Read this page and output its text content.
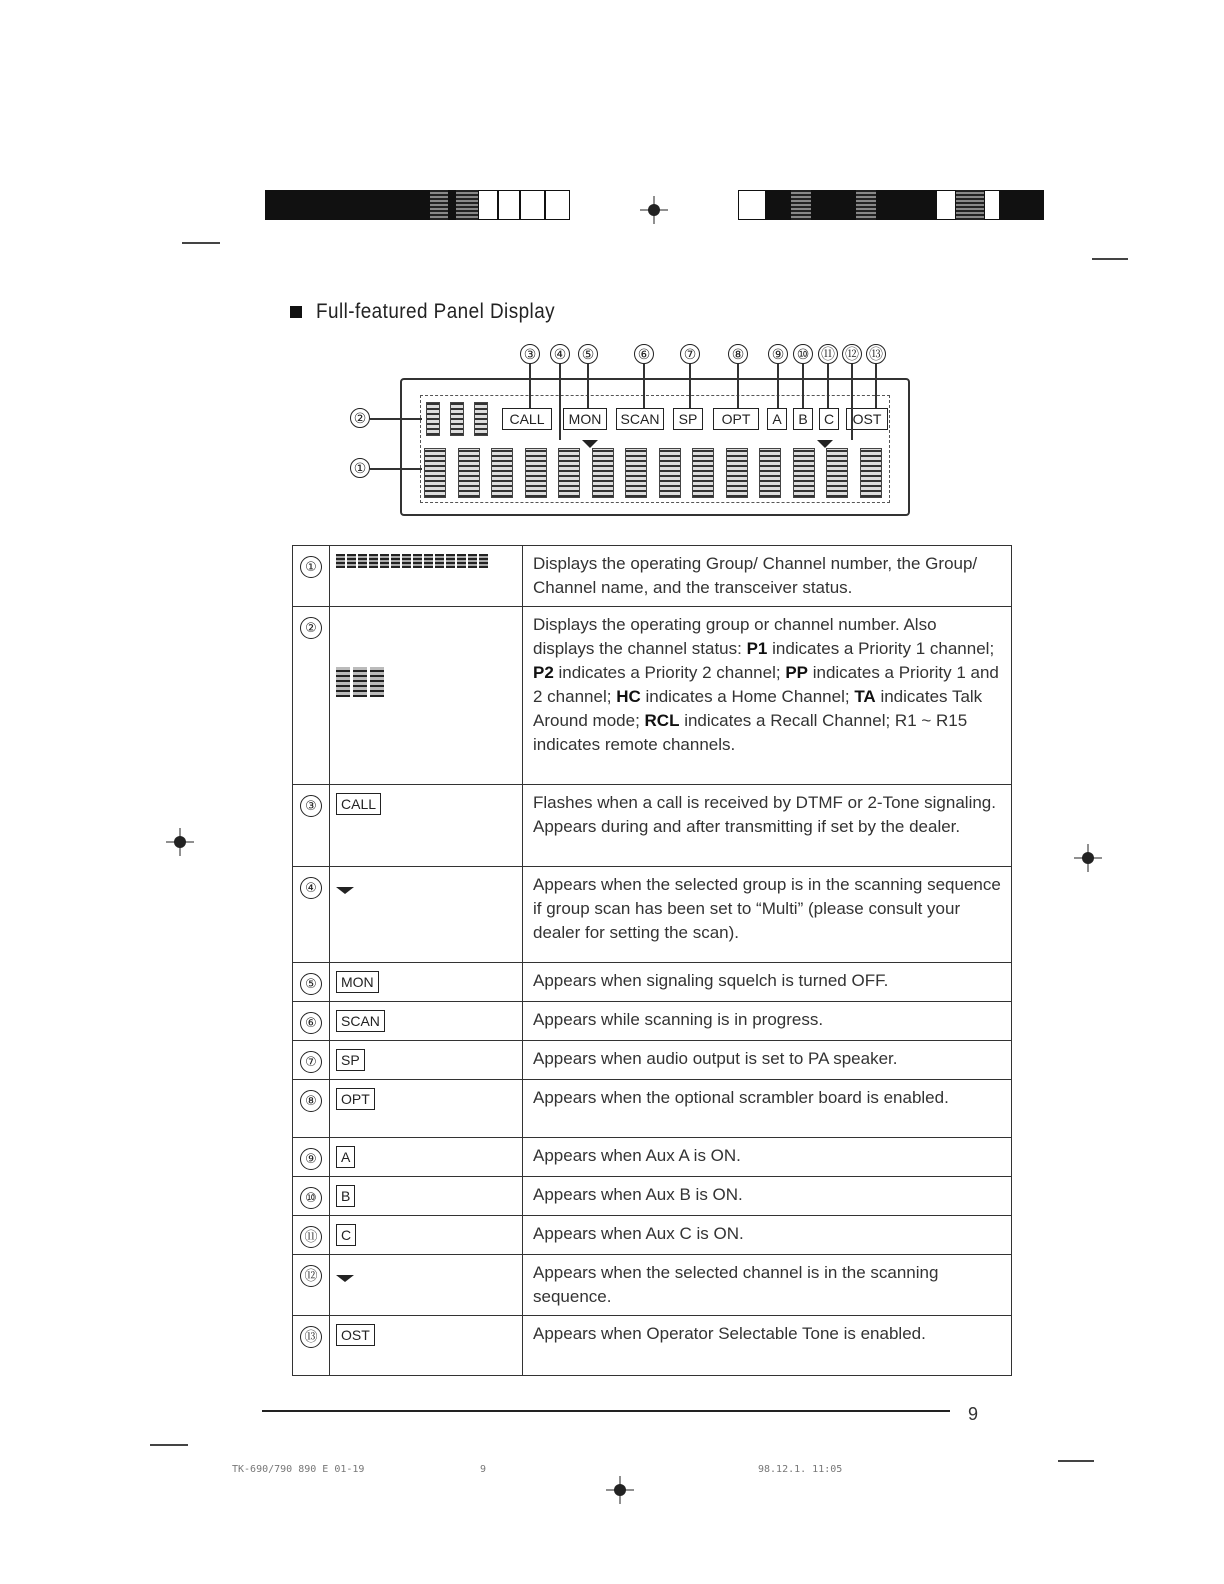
Full-featured Panel Display
CALL	MON	SCAN	SP	OPT	A	B	C	OST
②
①
③ ④ ⑤	⑥ ⑦	⑧ ⑨ ⑩ ⑪ ⑫ ⑬
①		Displays the operating Group/ Channel number, the Group/ Channel name, and the transceiver status.
②		Displays the operating group or channel number. Also displays the channel status: P1 indicates a Priority 1 channel; P2 indicates a Priority 2 channel; PP indicates a Priority 1 and 2 channel; HC indicates a Home Channel; TA indicates Talk Around mode; RCL indicates a Recall Channel; R1 ~ R15 indicates remote channels.
③	CALL	Flashes when a call is received by DTMF or 2-Tone signaling. Appears during and after transmitting if set by the dealer.
④		Appears when the selected group is in the scanning sequence if group scan has been set to “Multi” (please consult your dealer for setting the scan).
⑤	MON	Appears when signaling squelch is turned OFF.
⑥	SCAN	Appears while scanning is in progress.
⑦	SP	Appears when audio output is set to PA speaker.
⑧	OPT	Appears when the optional scrambler board is enabled.
⑨	A	Appears when Aux A is ON.
⑩	B	Appears when Aux B is ON.
⑪	C	Appears when Aux C is ON.
⑫		Appears when the selected channel is in the scanning sequence.
⑬	OST	Appears when Operator Selectable Tone is enabled.
9
TK-690/790 890 E 01-19	9	98.12.1. 11:05
